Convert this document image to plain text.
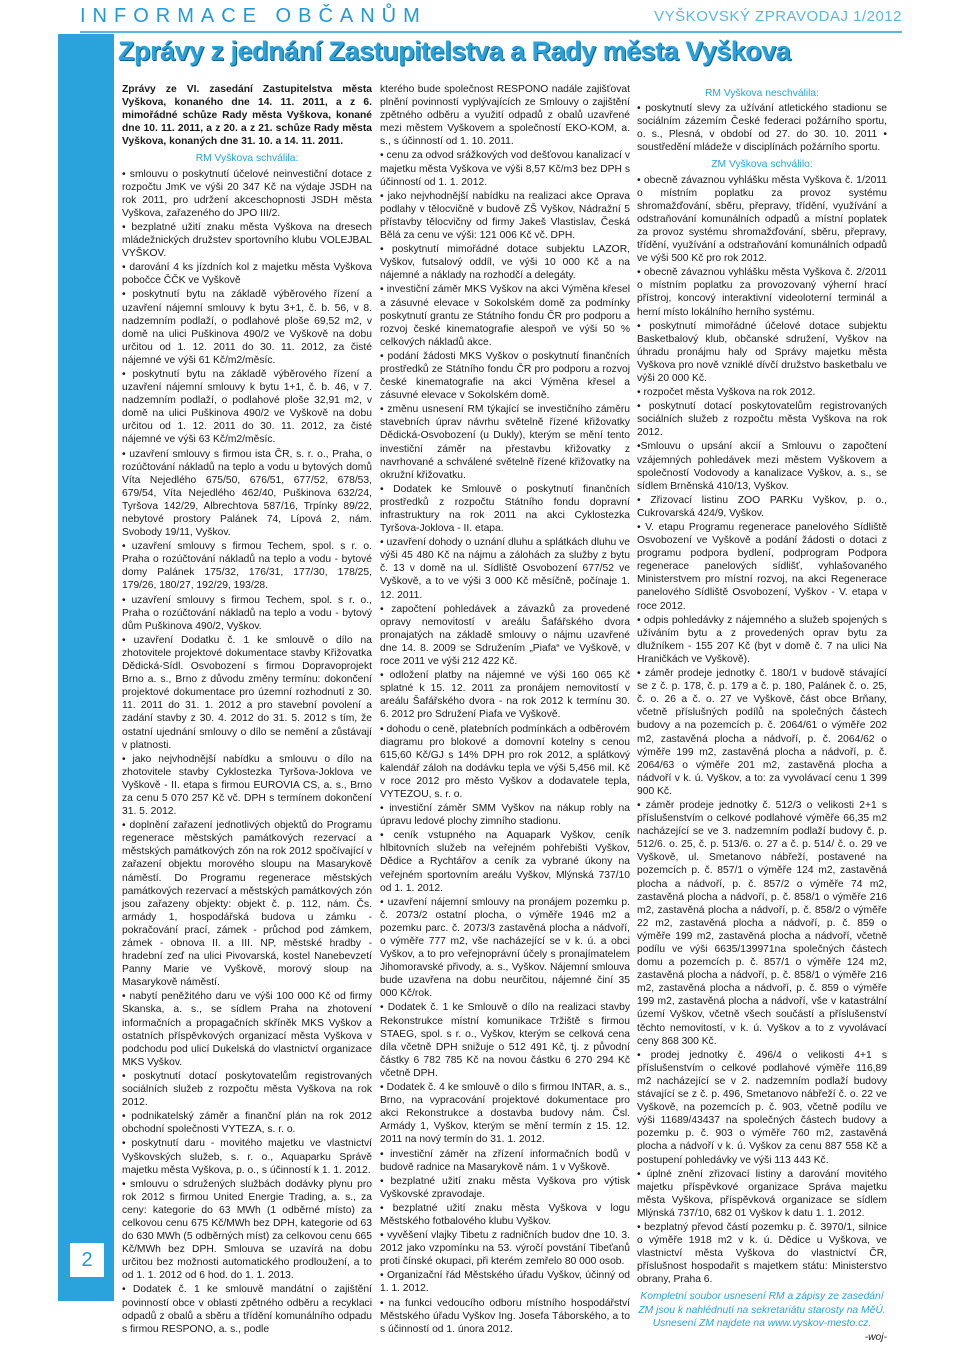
INFORMACE OBČANŮM	VYŠKOVSKÝ ZPRAVODAJ 1/2012
2
Zprávy z jednání Zastupitelstva a Rady města Vyškova

Zprávy ze VI. zasedání Zastupitelstva města Vyškova, konaného dne 14. 11. 2011, a z 6. mimořádné schůze Rady města Vyškova, konané dne 10. 11. 2011, a z 20. a z 21. schůze Rady města Vyškova, konaných dne 31. 10. a 14. 11. 2011.

RM Vyškova schválila:

• smlouvu o poskytnutí účelové neinvestiční dotace z rozpočtu JmK ve výši 20 347 Kč na výdaje JSDH na rok 2011, pro udržení akceschopnosti JSDH města Vyškova, zařazeného do JPO III/2.

• bezplatné užití znaku města Vyškova na dresech mládežnických družstev sportovního klubu VOLEJBAL VYŠKOV.

• darování 4 ks jízdních kol z majetku města Vyškova pobočce ČČK ve Vyškově

• poskytnutí bytu na základě výběrového řízení a uzavření nájemní smlouvy k bytu 3+1, č. b. 56, v 8. nadzemním podlaží, o podlahové ploše 69,52 m2, v domě na ulici Puškinova 490/2 ve Vyškově na dobu určitou od 1. 12. 2011 do 30. 11. 2012, za čisté nájemné ve výši 61 Kč/m2/měsíc.

• poskytnutí bytu na základě výběrového řízení a uzavření nájemní smlouvy k bytu 1+1, č. b. 46, v 7. nadzemním podlaží, o podlahové ploše 32,91 m2, v domě na ulici Puškinova 490/2 ve Vyškově na dobu určitou od 1. 12. 2011 do 30. 11. 2012, za čisté nájemné ve výši 63 Kč/m2/měsíc.

• uzavření smlouvy s firmou ista ČR, s. r. o., Praha, o rozúčtování nákladů na teplo a vodu u bytových domů Víta Nejedlého 675/50, 676/51, 677/52, 678/53, 679/54, Víta Nejedlého 462/40, Puškinova 632/24, Tyršova 142/29, Albrechtova 587/16, Trpínky 89/22, nebytové prostory Palánek 74, Lípová 2, nám. Svobody 19/11, Vyškov.

• uzavření smlouvy s firmou Techem, spol. s r. o. Praha o rozúčtování nákladů na teplo a vodu - bytové domy Palánek 175/32, 176/31, 177/30, 178/25, 179/26, 180/27, 192/29, 193/28.

• uzavření smlouvy s firmou Techem, spol. s r. o., Praha o rozúčtování nákladů na teplo a vodu - bytový dům Puškinova 490/2, Vyškov.

• uzavření Dodatku č. 1 ke smlouvě o dílo na zhotovitele projektové dokumentace stavby Křižovatka Dědická-Sídl. Osvobození s firmou Dopravoprojekt Brno a. s., Brno z důvodu změny termínu: dokončení projektové dokumentace pro územní rozhodnutí z 30. 11. 2011 do 31. 1. 2012 a pro stavební povolení a zadání stavby z 30. 4. 2012 do 31. 5. 2012 s tím, že ostatní ujednání smlouvy o dílo se nemění a zůstávají v platnosti.

• jako nejvhodnější nabídku a smlouvu o dílo na zhotovitele stavby Cyklostezka Tyršova-Joklova ve Vyškově - II. etapa s firmou EUROVIA CS, a. s., Brno za cenu 5 070 257 Kč vč. DPH s termínem dokončení 31. 5. 2012.

• doplnění zařazení jednotlivých objektů do Programu regenerace městských památkových rezervací a městských památkových zón na rok 2012 spočívající v zařazení objektu morového sloupu na Masarykově náměstí. Do Programu regenerace městských památkových rezervací a městských památkových zón jsou zařazeny objekty: objekt č. p. 112, nám. Čs. armády 1, hospodářská budova u zámku - pokračování prací, zámek - průchod pod zámkem, zámek - obnova II. a III. NP, městské hradby - hradební zeď na ulici Pivovarská, kostel Nanebevzetí Panny Marie ve Vyškově, morový sloup na Masarykově náměstí.

• nabytí peněžitého daru ve výši 100 000 Kč od firmy Skanska, a. s., se sídlem Praha na zhotovení informačních a propagačních skříněk MKS Vyškov a ostatních příspěvkových organizací města Vyškova v podchodu pod ulicí Dukelská do vlastnictví organizace MKS Vyškov.

• poskytnutí dotací poskytovatelům registrovaných sociálních služeb z rozpočtu města Vyškova na rok 2012.

• podnikatelský záměr a finanční plán na rok 2012 obchodní společnosti VYTEZA, s. r. o.

• poskytnutí daru - movitého majetku ve vlastnictví Vyškovských služeb, s. r. o., Aquaparku Správě majetku města Vyškova, p. o., s účinností k 1. 1. 2012.

• smlouvu o sdružených službách dodávky plynu pro rok 2012 s firmou United Energie Trading, a. s., za ceny: kategorie do 63 MWh (1 odběrné místo) za celkovou cenu 675 Kč/MWh bez DPH, kategorie od 63 do 630 MWh (5 odběrných míst) za celkovou cenu 665 Kč/MWh bez DPH. Smlouva se uzavírá na dobu určitou bez možnosti automatického prodloužení, a to od 1. 1. 2012 od 6 hod. do 1. 1. 2013.

• Dodatek č. 1 ke smlouvě mandátní o zajištění povinností obce v oblasti zpětného odběru a recyklaci odpadů z obalů a sběru a třídění komunálního odpadu s firmou RESPONO, a. s., podle

kterého bude společnost RESPONO nadále zajišťovat plnění povinností vyplývajících ze Smlouvy o zajištění zpětného odběru a využití odpadů z obalů uzavřené mezi městem Vyškovem a společností EKO-KOM, a. s., s účinností od 1. 10. 2011.

• cenu za odvod srážkových vod dešťovou kanalizací v majetku města Vyškova ve výši 8,57 Kč/m3 bez DPH s účinností od 1. 1. 2012.

• jako nejvhodnější nabídku na realizaci akce Oprava podlahy v tělocvičně v budově ZŠ Vyškov, Nádražní 5 přístavby tělocvičny od firmy Jakeš Vlastislav, Česká Bělá za cenu ve výši: 121 006 Kč vč. DPH.

• poskytnutí mimořádné dotace subjektu LAZOR, Vyškov, futsalový oddíl, ve výši 10 000 Kč a na nájemné a náklady na rozhodčí a delegáty.

• investiční záměr MKS Vyškov na akci Výměna křesel a zásuvné elevace v Sokolském domě za podmínky poskytnutí grantu ze Státního fondu ČR pro podporu a rozvoj české kinematografie alespoň ve výši 50 % celkových nákladů akce.

• podání žádosti MKS Vyškov o poskytnutí finančních prostředků ze Státního fondu ČR pro podporu a rozvoj české kinematografie na akci Výměna křesel a zásuvné elevace v Sokolském domě.

• změnu usnesení RM týkající se investičního záměru stavebních úprav návrhu světelně řízené křižovatky Dědická-Osvobození (u Dukly), kterým se mění tento investiční záměr na přestavbu křižovatky z navrhované a schválené světelně řízené křižovatky na okružní křižovatku.

• Dodatek ke Smlouvě o poskytnutí finančních prostředků z rozpočtu Státního fondu dopravní infrastruktury na rok 2011 na akci Cyklostezka Tyršova-Joklova - II. etapa.

• uzavření dohody o uznání dluhu a splátkách dluhu ve výši 45 480 Kč na nájmu a zálohách za služby z bytu č. 13 v domě na ul. Sídliště Osvobození 677/52 ve Vyškově, a to ve výši 3 000 Kč měsíčně, počínaje 1. 12. 2011.

• započtení pohledávek a závazků za provedené opravy nemovitostí v areálu Šafářského dvora pronajatých na základě smlouvy o nájmu uzavřené dne 14. 8. 2009 se Sdružením „Piafa“ ve Vyškově, v roce 2011 ve výši 212 422 Kč.

• odložení platby na nájemné ve výši 160 065 Kč splatné k 15. 12. 2011 za pronájem nemovitostí v areálu Šafářského dvora - na rok 2012 k termínu 30. 6. 2012 pro Sdružení Piafa ve Vyškově.

• dohodu o ceně, platebních podmínkách a odběrovém diagramu pro blokové a domovní kotelny s cenou 615,60 Kč/GJ s 14% DPH pro rok 2012, a splátkový kalendář záloh na dodávku tepla ve výši 5,456 mil. Kč v roce 2012 pro město Vyškov a dodavatele tepla, VYTEZOU, s. r. o.

• investiční záměr SMM Vyškov na nákup robly na úpravu ledové plochy zimního stadionu.

• ceník vstupného na Aquapark Vyškov, ceník hlbitovních služeb na veřejném pohřebišti Vyškov, Dědice a Rychtářov a ceník za vybrané úkony na veřejném sportovním areálu Vyškov, Mlýnská 737/10 od 1. 1. 2012.

• uzavření nájemní smlouvy na pronájem pozemku p. č. 2073/2 ostatní plocha, o výměře 1946 m2 a pozemku parc. č. 2073/3 zastavěná plocha a nádvoří, o výměře 777 m2, vše nacházející se v k. ú. a obci Vyškov, a to pro veřejnoprávní účely s pronajímatelem Jihomoravské přivody, a. s., Vyškov. Nájemní smlouva bude uzavřena na dobu neurčitou, nájemné činí 35 000 Kč/rok.

• Dodatek č. 1 ke Smlouvě o dílo na realizaci stavby Rekonstrukce místní komunikace Tržiště s firmou STAEG, spol. s r. o., Vyškov, kterým se celková cena díla včetně DPH snižuje o 512 491 Kč, tj. z původní částky 6 782 785 Kč na novou částku 6 270 294 Kč včetně DPH.

• Dodatek č. 4 ke smlouvě o dílo s firmou INTAR, a. s., Brno, na vypracování projektové dokumentace pro akci Rekonstrukce a dostavba budovy nám. Čsl. Armády 1, Vyškov, kterým se mění termín z 15. 12. 2011 na nový termín do 31. 1. 2012.

• investiční záměr na zřízení informačních bodů v budově radnice na Masarykově nám. 1 v Vyškově.

• bezplatné užití znaku města Vyškova pro výtisk Vyškovské zpravodaje.

• bezplatné užití znaku města Vyškova v logu Městského fotbalového klubu Vyškov.

• vyvěšení vlajky Tibetu z radničních budov dne 10. 3. 2012 jako vzpomínku na 53. výročí povstání Tibeťanů proti čínské okupaci, při kterém zemřelo 80 000 osob.

• Organizační řád Městského úřadu Vyškov, účinný od 1. 1. 2012.

• na funkci vedoucího odboru místního hospodářství Městského úřadu Vyškov Ing. Josefa Táborského, a to s účinností od 1. února 2012.

RM Vyškova neschválila:

• poskytnutí slevy za užívání atletického stadionu se sociálním zázemím České federaci požárního sportu, o. s., Plesná, v období od 27. do 30. 10. 2011 • soustředění mládeže v disciplínách požárního sportu.

ZM Vyškova schválilo:

• obecně závaznou vyhlášku města Vyškova č. 1/2011 o místním poplatku za provoz systému shromažďování, sběru, přepravy, třídění, využívání a odstraňování komunálních odpadů a místní poplatek za provoz systému shromažďování, sběru, přepravy, třídění, využívání a odstraňování komunálních odpadů ve výši 500 Kč pro rok 2012.

• obecně závaznou vyhlášku města Vyškova č. 2/2011 o místním poplatku za provozovaný výherní hrací přístroj, koncový interaktivní videoloterní terminál a herní místo lokálního herního systému.

• poskytnutí mimořádné účelové dotace subjektu Basketbalový klub, občanské sdružení, Vyškov na úhradu pronájmu haly od Správy majetku města Vyškova pro nově vzniklé dívčí družstvo basketbalu ve výši 20 000 Kč.

• rozpočet města Vyškova na rok 2012.

• poskytnutí dotací poskytovatelům registrovaných sociálních služeb z rozpočtu města Vyškova na rok 2012.

•Smlouvu o upsání akcií a Smlouvu o započtení vzájemných pohledávek mezi městem Vyškovem a společností Vodovody a kanalizace Vyškov, a. s., se sídlem Brněnská 410/13, Vyškov.

• Zřizovací listinu ZOO PARKu Vyškov, p. o., Cukrovarská 424/9, Vyškov.

• V. etapu Programu regenerace panelového Sídliště Osvobození ve Vyškově a podání žádosti o dotaci z programu podpora bydlení, podprogram Podpora regenerace panelových sídlišť, vyhlašovaného Ministerstvem pro místní rozvoj, na akci Regenerace panelového Sídliště Osvobození, Vyškov - V. etapa v roce 2012.

• odpis pohledávky z nájemného a služeb spojených s užíváním bytu a z provedených oprav bytu za dlužníkem - 155 207 Kč (byt v domě č. 7 na ulici Na Hraničkách ve Vyškově).

• záměr prodeje jednotky č. 180/1 v budově stávající se z č. p. 178, č. p. 179 a č. p. 180, Palánek č. o. 25, č. o. 26 a č. o. 27 ve Vyškově, část obce Brňany, včetně příslušných podílů na společných částech budovy a na pozemcích p. č. 2064/61 o výměře 202 m2, zastavěná plocha a nádvoří, p. č. 2064/62 o výměře 199 m2, zastavěná plocha a nádvoří, p. č. 2064/63 o výměře 201 m2, zastavěná plocha a nádvoří v k. ú. Vyškov, a to: za vyvolávací cenu 1 399 900 Kč.

• záměr prodeje jednotky č. 512/3 o velikosti 2+1 s příslušenstvím o celkové podlahové výměře 66,35 m2 nacházející se ve 3. nadzemním podlaží budovy č. p. 512/6. o. 25, č. p. 513/6. o. 27 a č. p. 514/ č. o. 29 ve Vyškově, ul. Smetanovo nábřeží, postavené na pozemcích p. č. 857/1 o výměře 124 m2, zastavěná plocha a nádvoří, p. č. 857/2 o výměře 74 m2, zastavěná plocha a nádvoří, p. č. 858/1 o výměře 216 m2, zastavěná plocha a nádvoří, p. č. 858/2 o výměře 22 m2, zastavěná plocha a nádvoří, p. č. 859 o výměře 199 m2, zastavěná plocha a nádvoří, včetně podílu ve výši 6635/139971na společných částech domu a pozemcích p. č. 857/1 o výměře 124 m2, zastavěná plocha a nádvoří, p. č. 858/1 o výměře 216 m2, zastavěná plocha a nádvoří, p. č. 859 o výměře 199 m2, zastavěná plocha a nádvoří, vše v katastrální území Vyškov, včetně všech součástí a příslušenství těchto nemovitostí, v k. ú. Vyškov a to z vyvolávací ceny 868 300 Kč.

• prodej jednotky č. 496/4 o velikosti 4+1 s příslušenstvím o celkové podlahové výměře 116,89 m2 nacházející se v 2. nadzemním podlaží budovy stávající se z č. p. 496, Smetanovo nábřeží č. o. 22 ve Vyškově, na pozemcích p. č. 903, včetně podílu ve výši 11689/43437 na společných částech budovy a pozemku p. č. 903 o výměře 760 m2, zastavěná plocha a nádvoří v k. ú. Vyškov za cenu 887 558 Kč a postupení pohledávky ve výši 113 443 Kč.

• úplné znění zřizovací listiny a darování movitého majetku příspěvkové organizace Správa majetku města Vyškova, příspěvková organizace se sídlem Mlýnská 737/10, 682 01 Vyškov k datu 1. 1. 2012.

• bezplatný převod částí pozemku p. č. 3970/1, silnice o výměře 1918 m2 v k. ú. Dědice u Vyškova, ve vlastnictví města Vyškova do vlastnictví ČR, příslušnost hospodařit s majetkem státu: Ministerstvo obrany, Praha 6.

Kompletní soubor usnesení RM a zápisy ze zasedání ZM jsou k nahlédnutí na sekretariátu starosty na MěÚ. Usnesení ZM najdete na www.vyskov-mesto.cz.

-woj-
